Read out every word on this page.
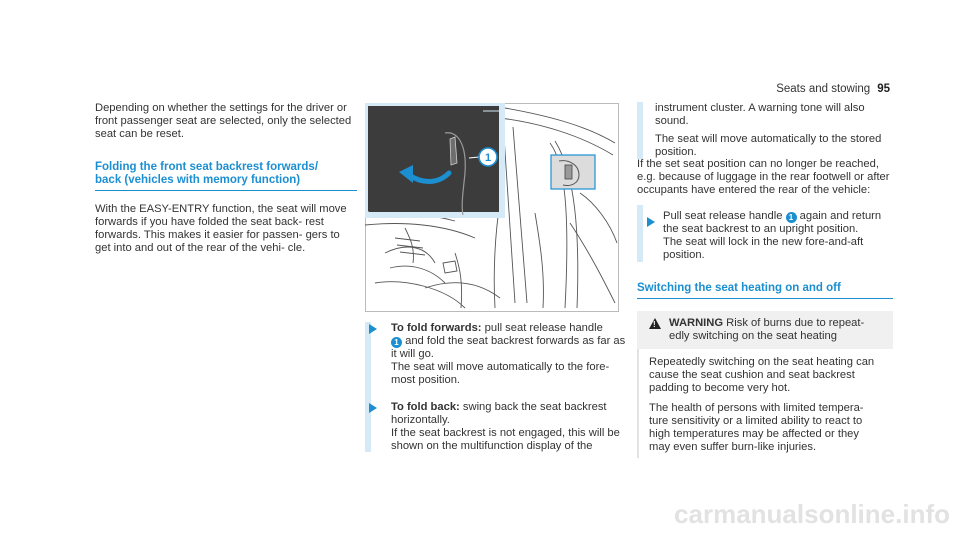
Seats and stowing 95

Depending on whether the settings for the driver or front passenger seat are selected, only the selected seat can be reset.

Folding the front seat backrest forwards/
back (vehicles with memory function)

With the EASY-ENTRY function, the seat will move forwards if you have folded the seat back- rest forwards. This makes it easier for passen- gers to get into and out of the rear of the vehi- cle.

1
To fold forwards: pull seat release handle
1 and fold the seat backrest forwards as far as it will go.

The seat will move automatically to the fore- most position.

To fold back: swing back the seat backrest horizontally.

If the seat backrest is not engaged, this will be shown on the multifunction display of the

instrument cluster. A warning tone will also sound.

The seat will move automatically to the stored position.

If the set seat position can no longer be reached, e.g. because of luggage in the rear footwell or after occupants have entered the rear of the vehicle:

Pull seat release handle 1 again and return the seat backrest to an upright position.

The seat will lock in the new fore-and-aft position.

Switching the seat heating on and off
!
WARNING Risk of burns due to repeat- edly switching on the seat heating

Repeatedly switching on the seat heating can cause the seat cushion and seat backrest padding to become very hot.

The health of persons with limited tempera- ture sensitivity or a limited ability to react to high temperatures may be affected or they may even suffer burn-like injuries.

carmanualsonline.info
